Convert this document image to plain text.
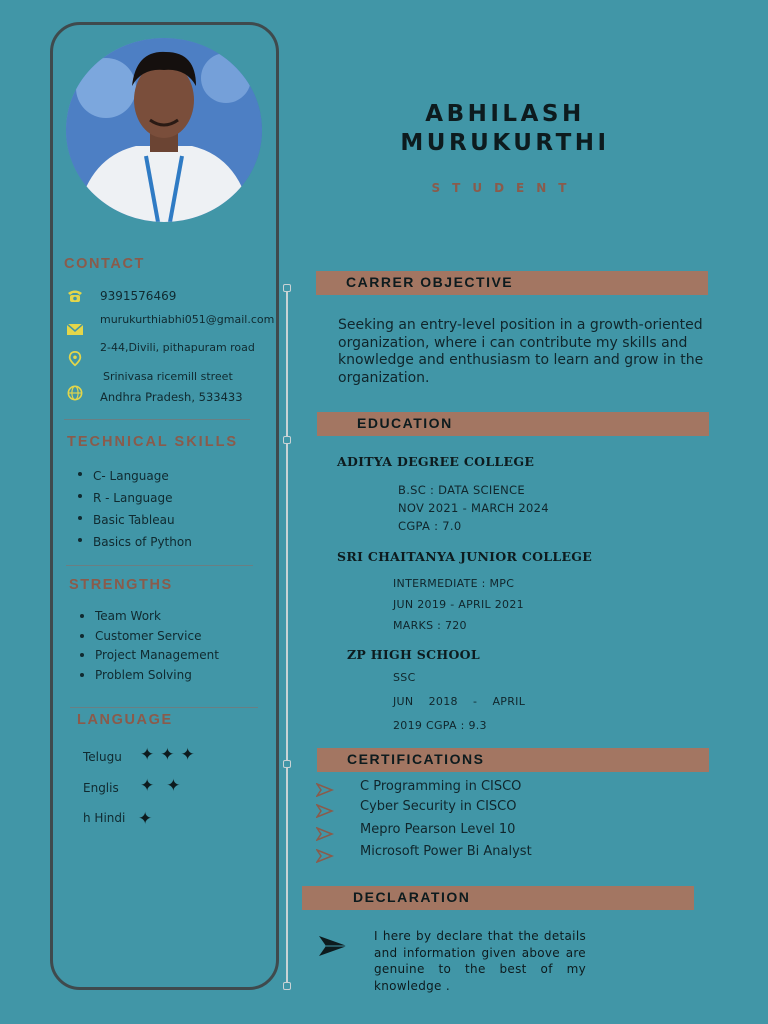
CONTACT
9391576469
murukurthiabhi051@gmail.com
2-44,Divili, pithapuram road
Srinivasa ricemill street
Andhra Pradesh, 533433
TECHNICAL SKILLS
C- Language
R - Language
Basic Tableau
Basics of Python
STRENGTHS
Team Work
Customer Service
Project Management
Problem Solving
LANGUAGE
Telugu ✦✦✦
Englis ✦✦
h Hindi ✦
ABHILASH
MURUKURTHI
STUDENT
CARRER OBJECTIVE
Seeking an entry-level position in a growth-oriented organization, where i can contribute my skills and knowledge and enthusiasm to learn and grow in the organization.
EDUCATION
ADITYA DEGREE COLLEGE
B.SC : DATA SCIENCE
NOV 2021 - MARCH 2024
CGPA : 7.0
SRI CHAITANYA JUNIOR COLLEGE
INTERMEDIATE : MPC
JUN 2019 - APRIL 2021
MARKS : 720
ZP HIGH SCHOOL
SSC
JUN    2018    -    APRIL
2019 CGPA : 9.3
CERTIFICATIONS
C Programming in CISCO
Cyber Security in CISCO
Mepro Pearson Level 10
Microsoft Power Bi Analyst
DECLARATION
I here by declare that the details and information given above are genuine to the best of my knowledge .
